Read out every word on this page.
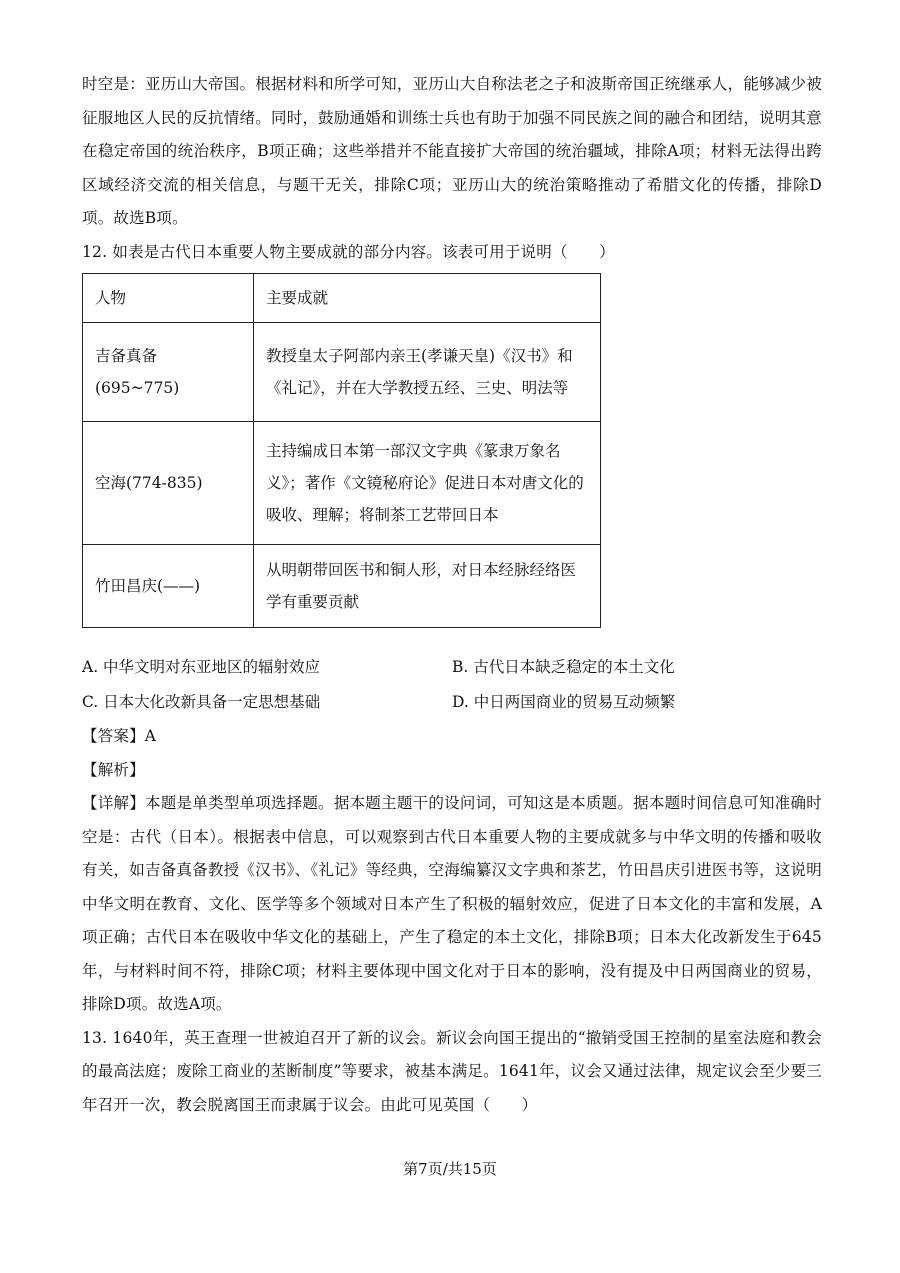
时空是：亚历山大帝国。根据材料和所学可知，亚历山大自称法老之子和波斯帝国正统继承人，能够减少被征服地区人民的反抗情绪。同时，鼓励通婚和训练士兵也有助于加强不同民族之间的融合和团结，说明其意在稳定帝国的统治秩序，B项正确；这些举措并不能直接扩大帝国的统治疆域，排除A项；材料无法得出跨区域经济交流的相关信息，与题干无关，排除C项；亚历山大的统治策略推动了希腊文化的传播，排除D项。故选B项。

12. 如表是古代日本重要人物主要成就的部分内容。该表可用于说明（　　）

人物	主要成就
吉备真备(695~775)	教授皇太子阿部内亲王(孝谦天皇)《汉书》和《礼记》，并在大学教授五经、三史、明法等
空海(774-835)	主持编成日本第一部汉文字典《篆隶万象名义》；著作《文镜秘府论》促进日本对唐文化的吸收、理解；将制茶工艺带回日本
竹田昌庆(——)	从明朝带回医书和铜人形，对日本经脉经络医学有重要贡献
A. 中华文明对东亚地区的辐射效应	B. 古代日本缺乏稳定的本土文化
C. 日本大化改新具备一定思想基础	D. 中日两国商业的贸易互动频繁

【答案】A

【解析】

【详解】本题是单类型单项选择题。据本题主题干的设问词，可知这是本质题。据本题时间信息可知准确时空是：古代（日本）。根据表中信息，可以观察到古代日本重要人物的主要成就多与中华文明的传播和吸收有关，如吉备真备教授《汉书》、《礼记》等经典，空海编纂汉文字典和茶艺，竹田昌庆引进医书等，这说明中华文明在教育、文化、医学等多个领域对日本产生了积极的辐射效应，促进了日本文化的丰富和发展，A项正确；古代日本在吸收中华文化的基础上，产生了稳定的本土文化，排除B项；日本大化改新发生于645年，与材料时间不符，排除C项；材料主要体现中国文化对于日本的影响，没有提及中日两国商业的贸易，排除D项。故选A项。

13. 1640年，英王查理一世被迫召开了新的议会。新议会向国王提出的“撤销受国王控制的星室法庭和教会的最高法庭；废除工商业的苤断制度”等要求，被基本满足。1641年，议会又通过法律，规定议会至少要三年召开一次，教会脱离国王而隶属于议会。由此可见英国（　　）

第7页/共15页
